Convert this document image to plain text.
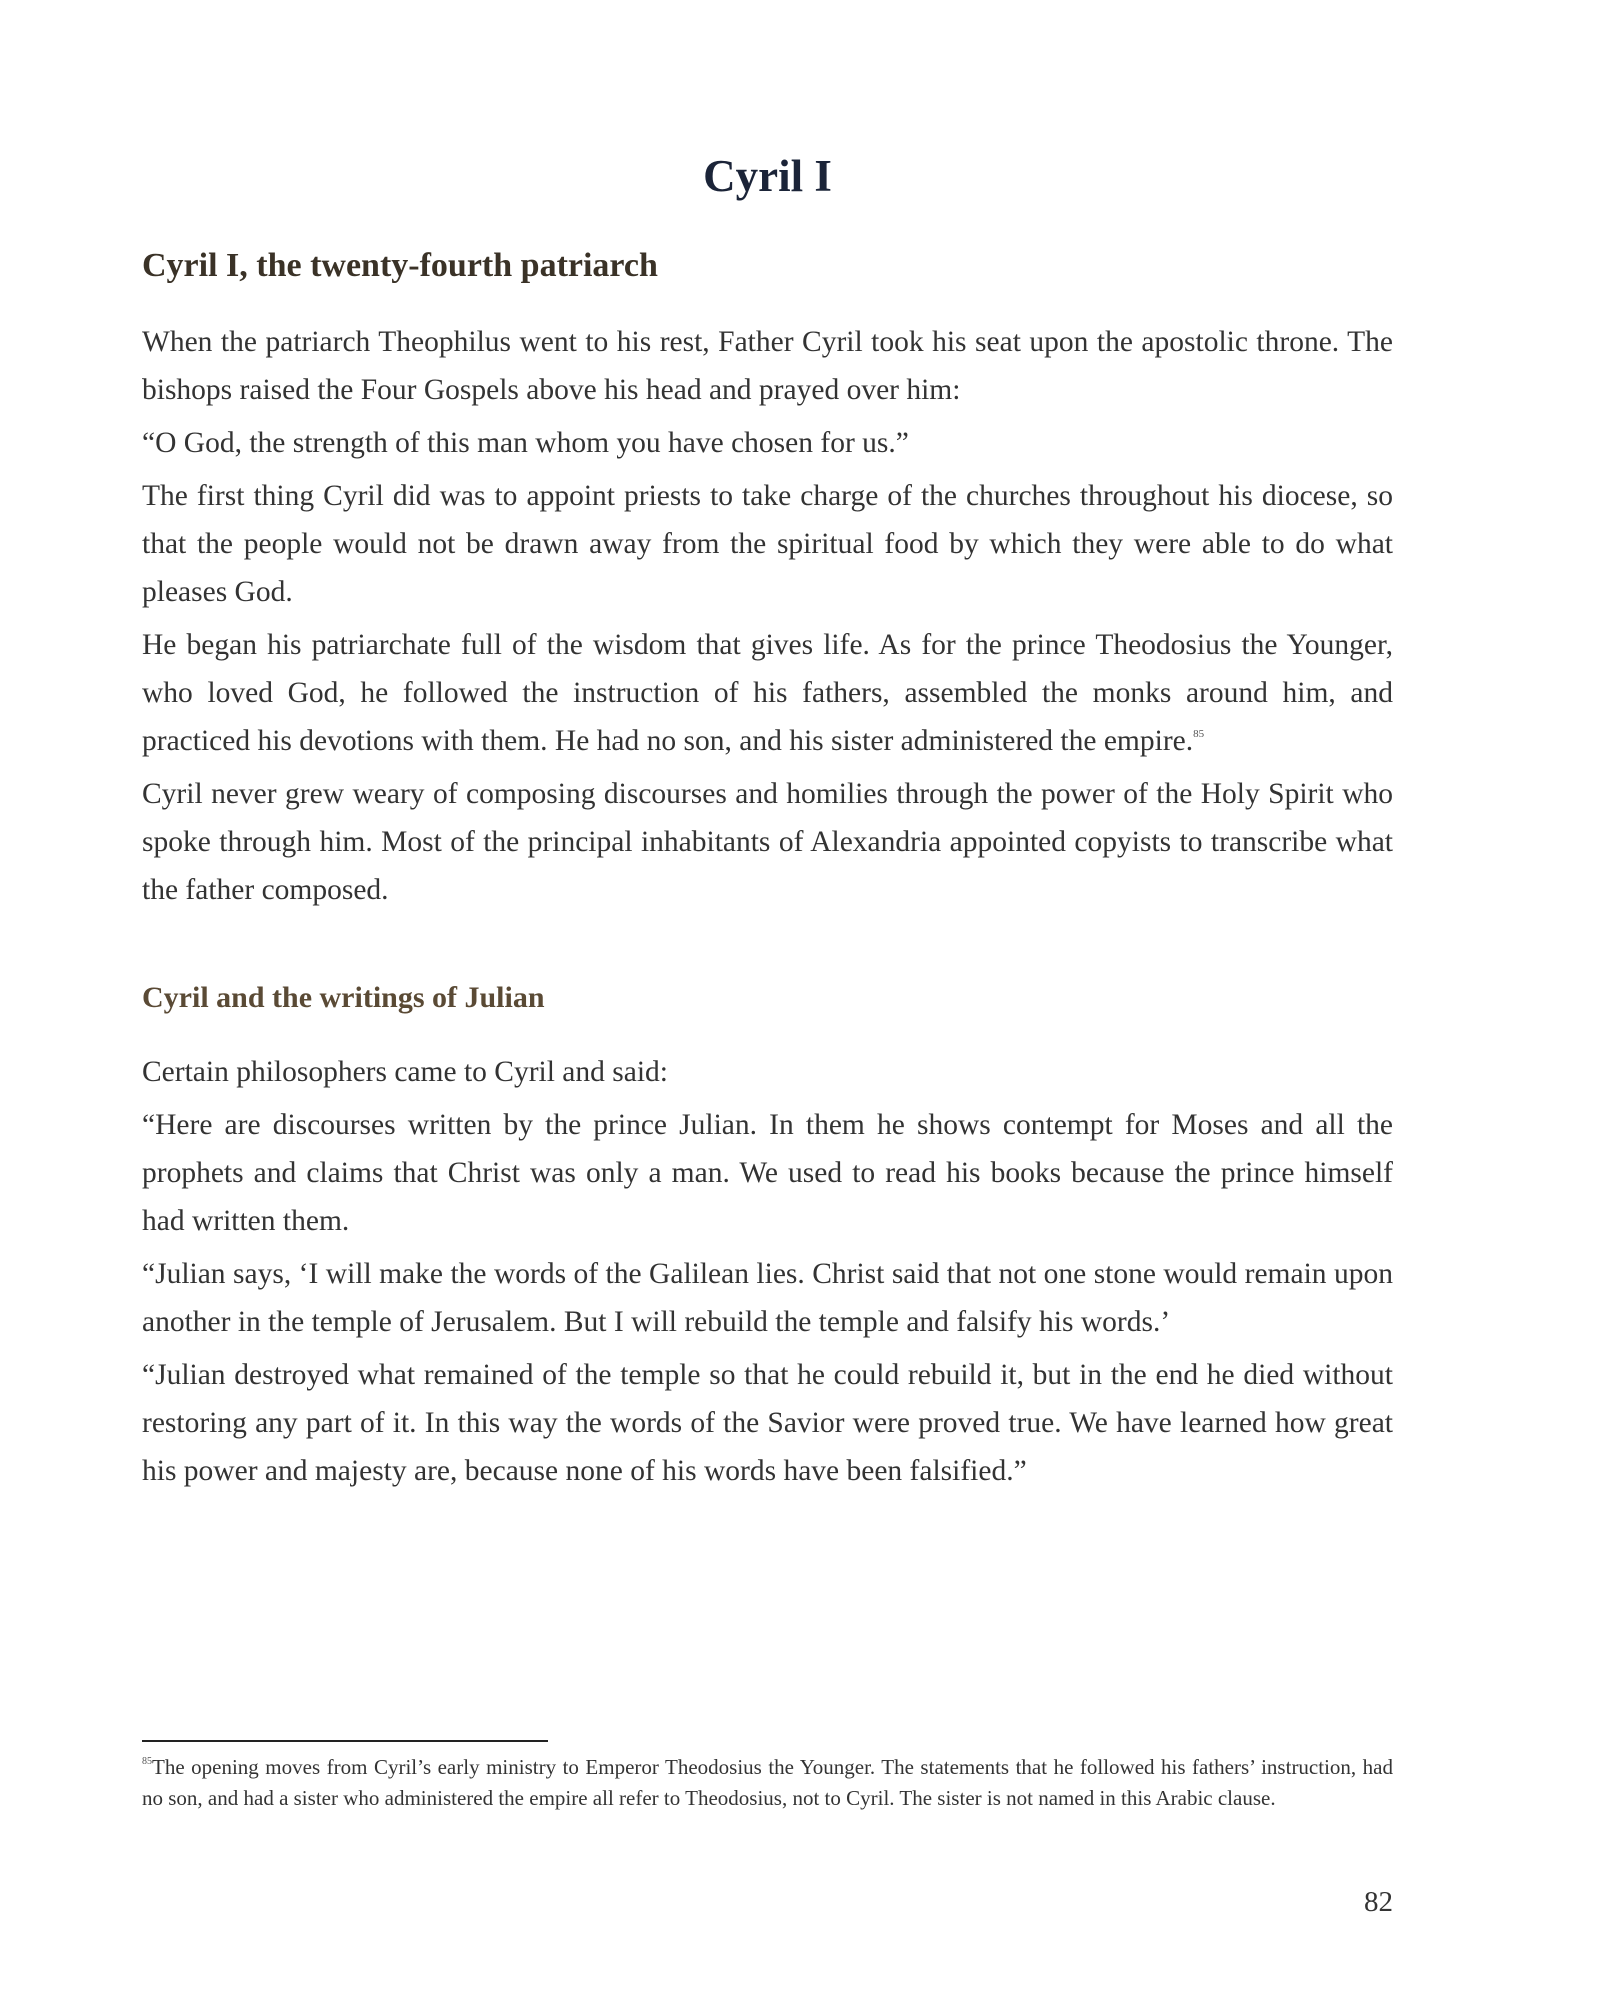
Cyril I
Cyril I, the twenty-fourth patriarch

When the patriarch Theophilus went to his rest, Father Cyril took his seat upon the apostolic throne. The bishops raised the Four Gospels above his head and prayed over him:

“O God, the strength of this man whom you have chosen for us.”

The first thing Cyril did was to appoint priests to take charge of the churches throughout his diocese, so that the people would not be drawn away from the spiritual food by which they were able to do what pleases God.

He began his patriarchate full of the wisdom that gives life. As for the prince Theodosius the Younger, who loved God, he followed the instruction of his fathers, assembled the monks around him, and practiced his devotions with them. He had no son, and his sister administered the empire.$^{85}$

Cyril never grew weary of composing discourses and homilies through the power of the Holy Spirit who spoke through him. Most of the principal inhabitants of Alexandria appointed copyists to transcribe what the father composed.

Cyril and the writings of Julian

Certain philosophers came to Cyril and said:

“Here are discourses written by the prince Julian. In them he shows contempt for Moses and all the prophets and claims that Christ was only a man. We used to read his books because the prince himself had written them.

“Julian says, ‘I will make the words of the Galilean lies. Christ said that not one stone would remain upon another in the temple of Jerusalem. But I will rebuild the temple and falsify his words.’

“Julian destroyed what remained of the temple so that he could rebuild it, but in the end he died without restoring any part of it. In this way the words of the Savior were proved true. We have learned how great his power and majesty are, because none of his words have been falsified.”

$^{85}$The opening moves from Cyril’s early ministry to Emperor Theodosius the Younger. The statements that he followed his fathers’ instruction, had no son, and had a sister who administered the empire all refer to Theodosius, not to Cyril. The sister is not named in this Arabic clause.

82
